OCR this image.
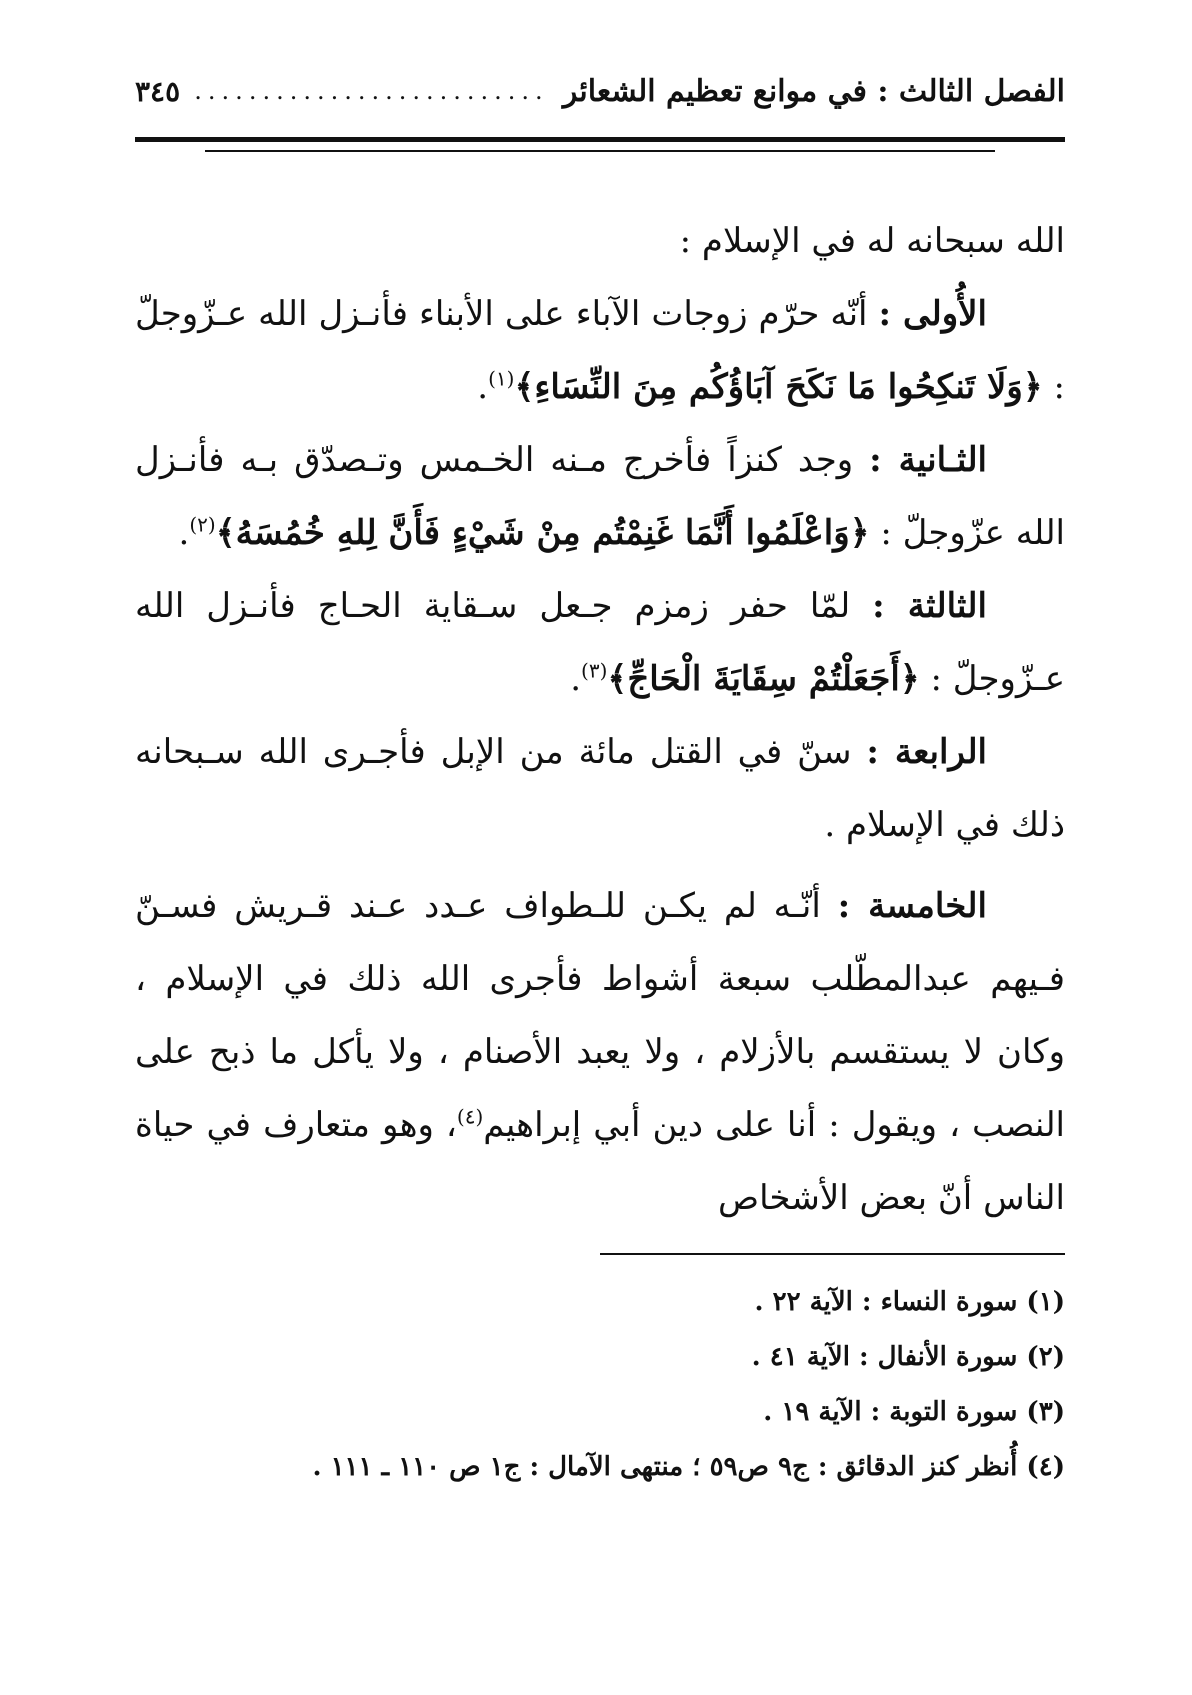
الفصل الثالث : في موانع تعظيم الشعائر
..........................
٣٤٥

الله سبحانه له في الإسلام :

الأُولى : أنّه حرّم زوجات الآباء على الأبناء فأنـزل الله عـزّوجلّ : ﴿وَلَا تَنكِحُوا مَا نَكَحَ آبَاؤُكُم مِنَ النِّسَاءِ﴾$^{(١)}$.

الثـانية : وجد كنزاً فأخرج مـنه الخـمس وتـصدّق بـه فأنـزل الله عزّوجلّ : ﴿وَاعْلَمُوا أَنَّمَا غَنِمْتُم مِنْ شَيْءٍ فَأَنَّ لِلهِ خُمُسَهُ﴾$^{(٢)}$.

الثالثة : لمّا حفر زمزم جـعل سـقاية الحـاج فأنـزل الله عـزّوجلّ : ﴿أَجَعَلْتُمْ سِقَايَةَ الْحَاجِّ﴾$^{(٣)}$.

الرابعة : سنّ في القتل مائة من الإبل فأجـرى الله سـبحانه ذلك في الإسلام .

الخامسة : أنّـه لم يكـن للـطواف عـدد عـند قـريش فسـنّ فـيهم عبدالمطّلب سبعة أشواط فأجرى الله ذلك في الإسلام ، وكان لا يستقسم بالأزلام ، ولا يعبد الأصنام ، ولا يأكل ما ذبح على النصب ، ويقول : أنا على دين أبي إبراهيم$^{(٤)}$، وهو متعارف في حياة الناس أنّ بعض الأشخاص

(١) سورة النساء : الآية ٢٢ .

(٢) سورة الأنفال : الآية ٤١ .

(٣) سورة التوبة : الآية ١٩ .

(٤) أُنظر كنز الدقائق : ج٩ ص٥٩ ؛ منتهى الآمال : ج١ ص ١١٠ ـ ١١١ .
